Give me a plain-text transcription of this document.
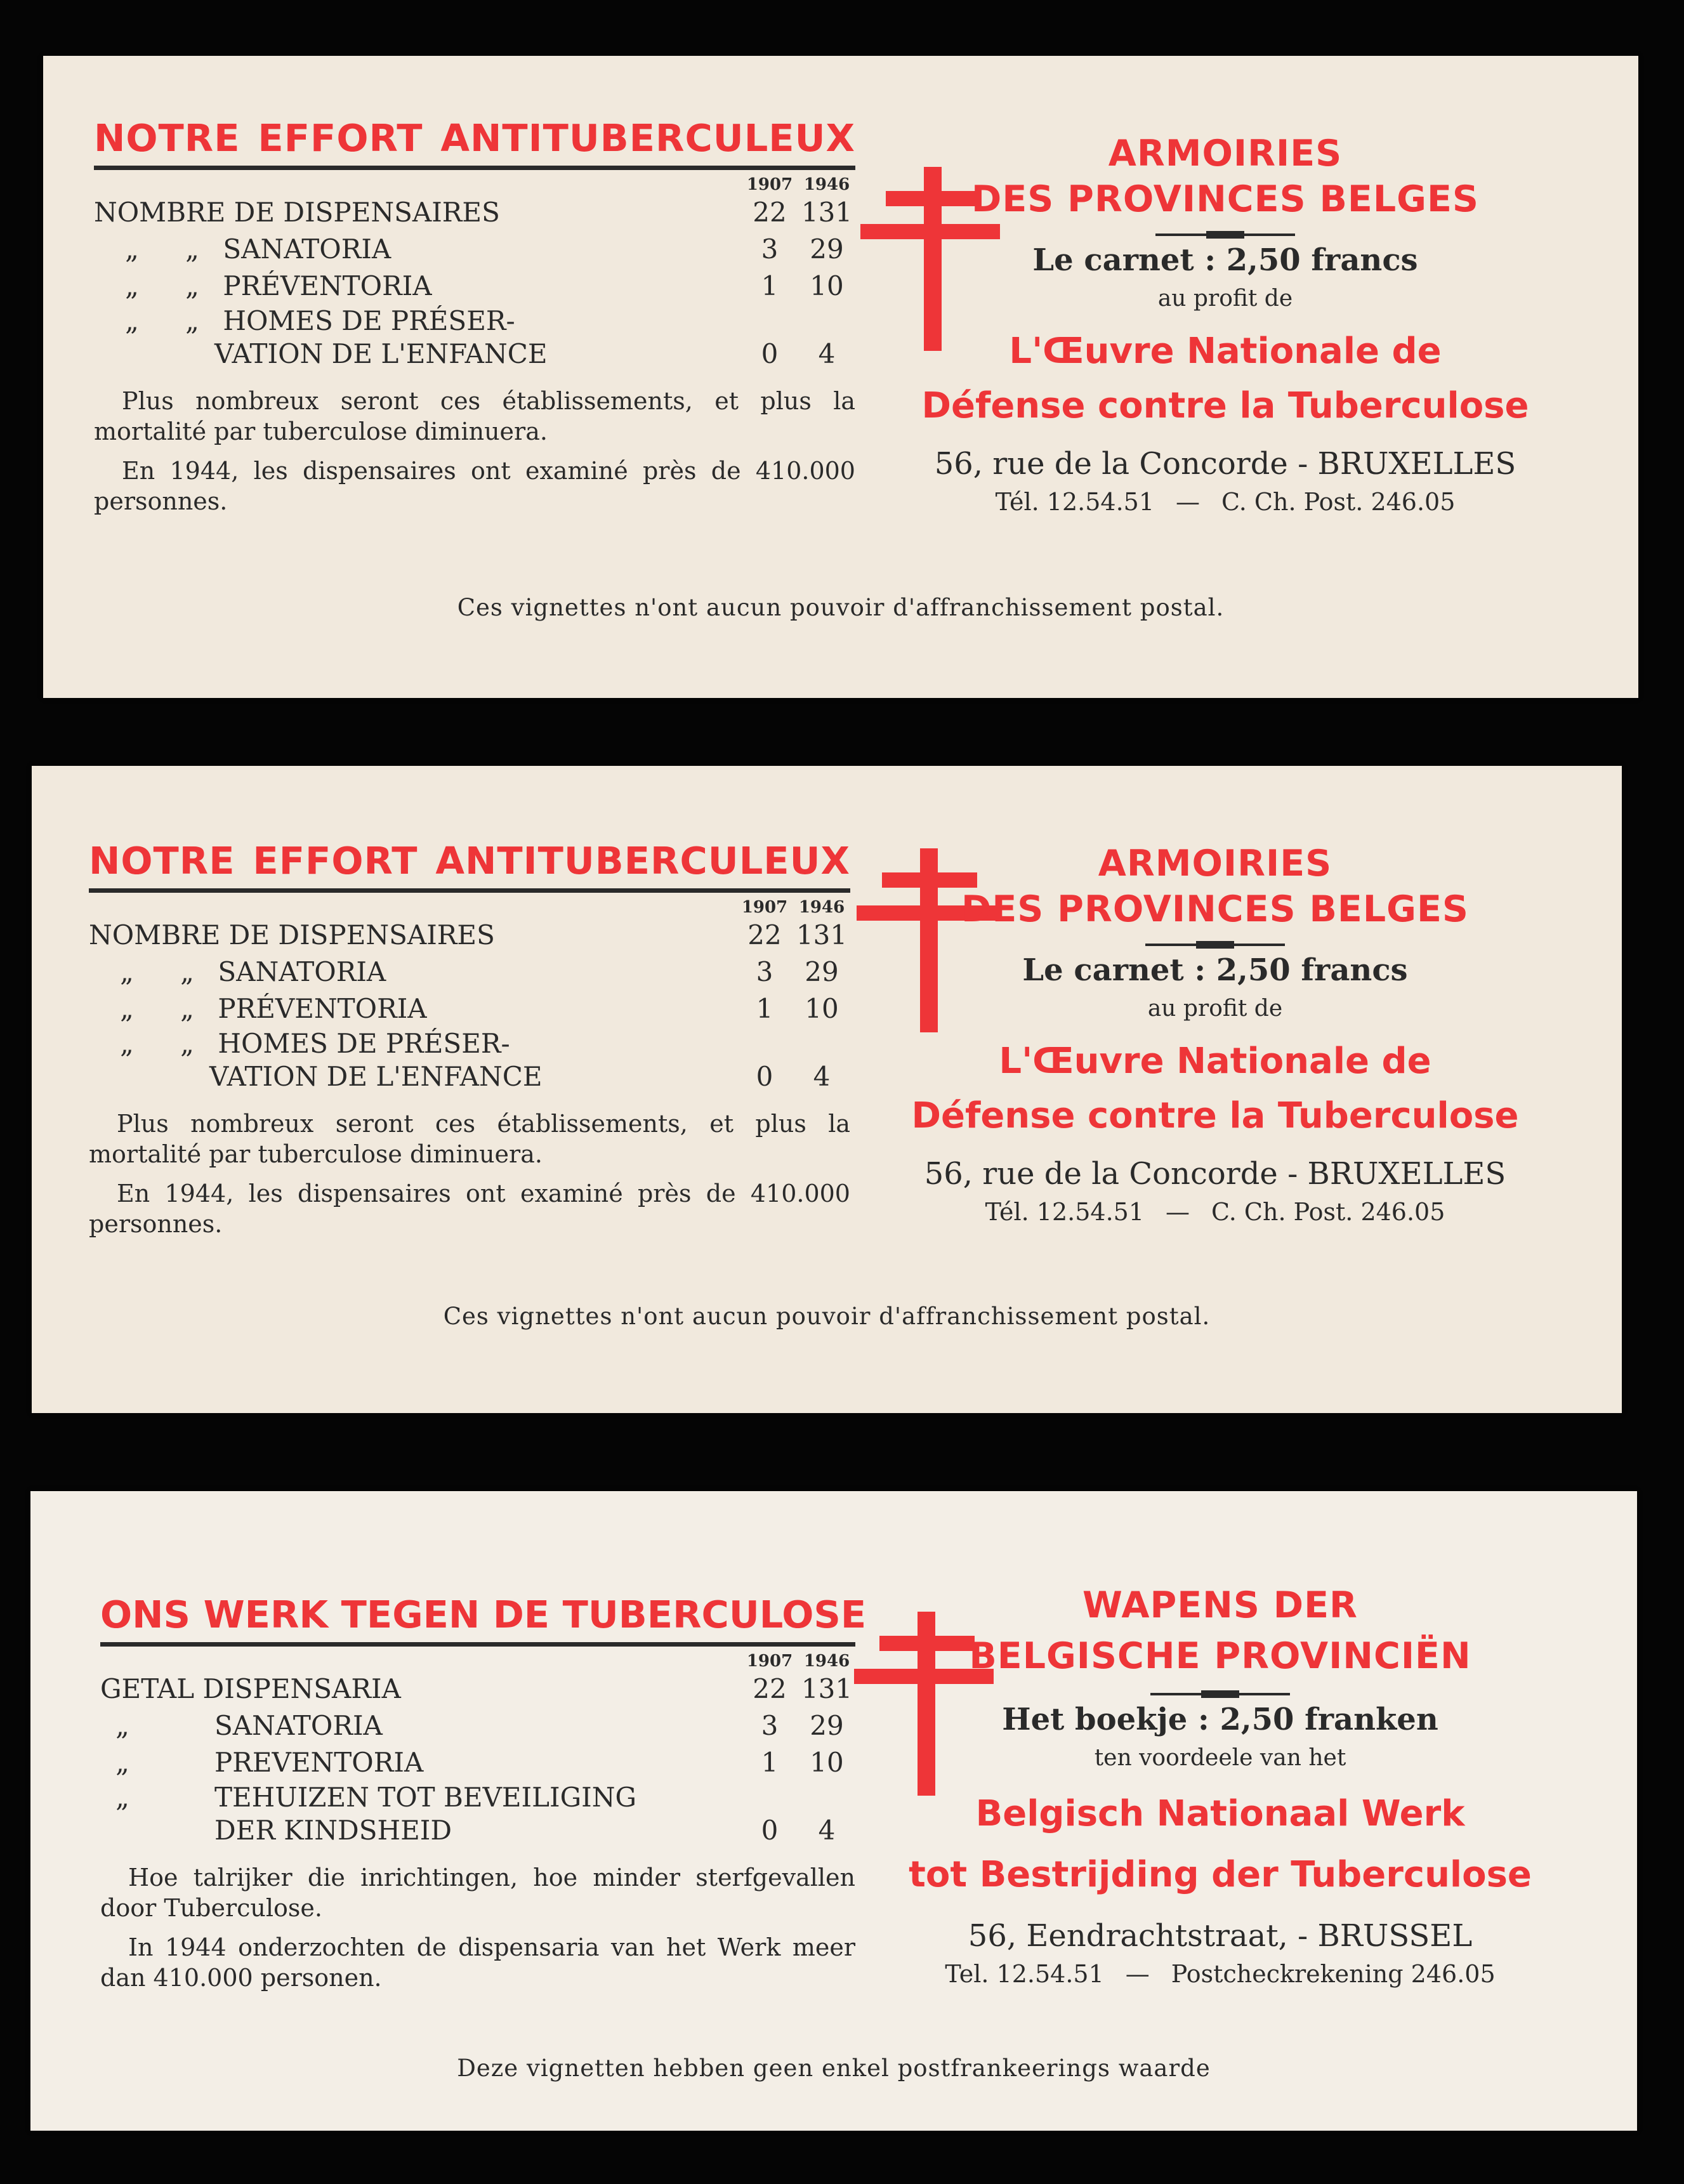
NOTRE EFFORT ANTITUBERCULEUX
1907 1946
NOMBRE DE DISPENSAIRES	22 131
„ „ SANATORIA	3	29
„ „ PRÉVENTORIA	1	10
„ „ HOMES DE PRÉSER-
VATION DE L'ENFANCE	0	4
Plus nombreux seront ces établissements, et plus la mortalité par tuberculose diminuera.
En 1944, les dispensaires ont examiné près de 410.000 personnes.
ARMOIRIES
DES PROVINCES BELGES
Le carnet : 2,50 francs
au profit de
L'Œuvre Nationale de
Défense contre la Tuberculose
56, rue de la Concorde - BRUXELLES
Tél. 12.54.51 — C. Ch. Post. 246.05
Ces vignettes n'ont aucun pouvoir d'affranchissement postal.
NOTRE EFFORT ANTITUBERCULEUX
1907 1946
NOMBRE DE DISPENSAIRES	22 131
„ „ SANATORIA	3	29
„ „ PRÉVENTORIA	1	10
„ „ HOMES DE PRÉSER-
VATION DE L'ENFANCE	0	4
Plus nombreux seront ces établissements, et plus la mortalité par tuberculose diminuera.
En 1944, les dispensaires ont examiné près de 410.000 personnes.
ARMOIRIES
DES PROVINCES BELGES
Le carnet : 2,50 francs
au profit de
L'Œuvre Nationale de
Défense contre la Tuberculose
56, rue de la Concorde - BRUXELLES
Tél. 12.54.51 — C. Ch. Post. 246.05
Ces vignettes n'ont aucun pouvoir d'affranchissement postal.
ONS WERK TEGEN DE TUBERCULOSE
1907 1946
GETAL DISPENSARIA	22 131
„	SANATORIA	3	29
„	PREVENTORIA	1	10
„	TEHUIZEN TOT BEVEILIGING
DER KINDSHEID	0	4
Hoe talrijker die inrichtingen, hoe minder sterfgevallen door Tuberculose.
In 1944 onderzochten de dispensaria van het Werk meer dan 410.000 personen.
WAPENS DER
BELGISCHE PROVINCIËN
Het boekje : 2,50 franken
ten voordeele van het
Belgisch Nationaal Werk
tot Bestrijding der Tuberculose
56, Eendrachtstraat, - BRUSSEL
Tel. 12.54.51 — Postcheckrekening 246.05
Deze vignetten hebben geen enkel postfrankeerings waarde
